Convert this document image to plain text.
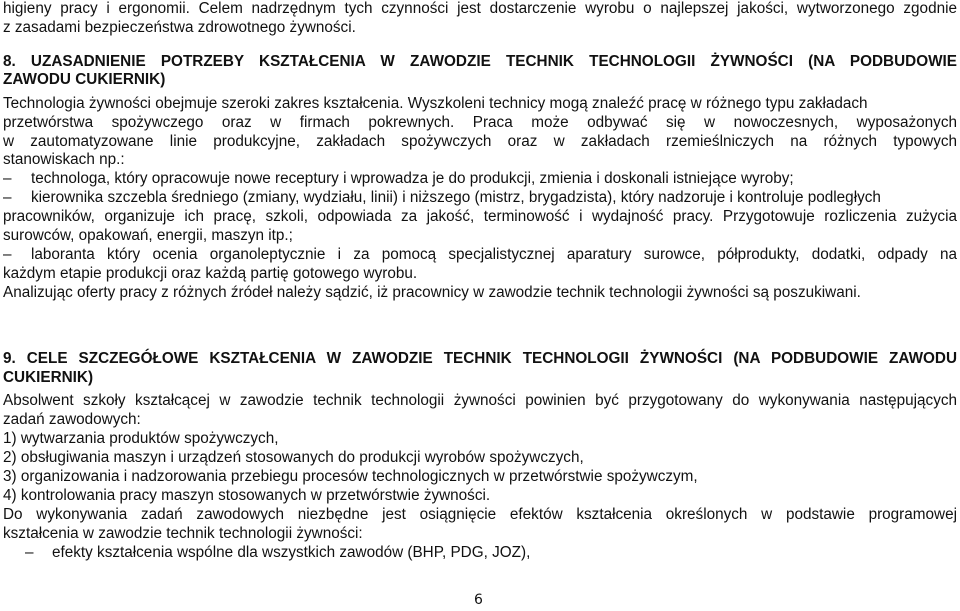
higieny pracy i ergonomii. Celem nadrzędnym tych czynności jest dostarczenie wyrobu o najlepszej jakości, wytworzonego zgodnie
z zasadami bezpieczeństwa zdrowotnego żywności.
8. UZASADNIENIE POTRZEBY KSZTAŁCENIA W ZAWODZIE TECHNIK TECHNOLOGII ŻYWNOŚCI (NA PODBUDOWIE
ZAWODU CUKIERNIK)
Technologia żywności obejmuje szeroki zakres kształcenia. Wyszkoleni technicy mogą znaleźć pracę w różnego typu zakładach
przetwórstwa spożywczego oraz w firmach pokrewnych. Praca może odbywać się w nowoczesnych, wyposażonych
w zautomatyzowane linie produkcyjne, zakładach spożywczych oraz w zakładach rzemieślniczych na różnych typowych
stanowiskach np.:
– technologa, który opracowuje nowe receptury i wprowadza je do produkcji, zmienia i doskonali istniejące wyroby;
– kierownika szczebla średniego (zmiany, wydziału, linii) i niższego (mistrz, brygadzista), który nadzoruje i kontroluje podległych
pracowników, organizuje ich pracę, szkoli, odpowiada za jakość, terminowość i wydajność pracy. Przygotowuje rozliczenia zużycia
surowców, opakowań, energii, maszyn itp.;
– laboranta który ocenia organoleptycznie i za pomocą specjalistycznej aparatury surowce, półprodukty, dodatki, odpady na
każdym etapie produkcji oraz każdą partię gotowego wyrobu.
Analizując oferty pracy z różnych źródeł należy sądzić, iż pracownicy w zawodzie technik technologii żywności są poszukiwani.
9. CELE SZCZEGÓŁOWE KSZTAŁCENIA W ZAWODZIE TECHNIK TECHNOLOGII ŻYWNOŚCI (NA PODBUDOWIE ZAWODU
CUKIERNIK)
Absolwent szkoły kształcącej w zawodzie technik technologii żywności powinien być przygotowany do wykonywania następujących
zadań zawodowych:
1) wytwarzania produktów spożywczych,
2) obsługiwania maszyn i urządzeń stosowanych do produkcji wyrobów spożywczych,
3) organizowania i nadzorowania przebiegu procesów technologicznych w przetwórstwie spożywczym,
4) kontrolowania pracy maszyn stosowanych w przetwórstwie żywności.
Do wykonywania zadań zawodowych niezbędne jest osiągnięcie efektów kształcenia określonych w podstawie programowej
kształcenia w zawodzie technik technologii żywności:
– efekty kształcenia wspólne dla wszystkich zawodów (BHP, PDG, JOZ),
6
